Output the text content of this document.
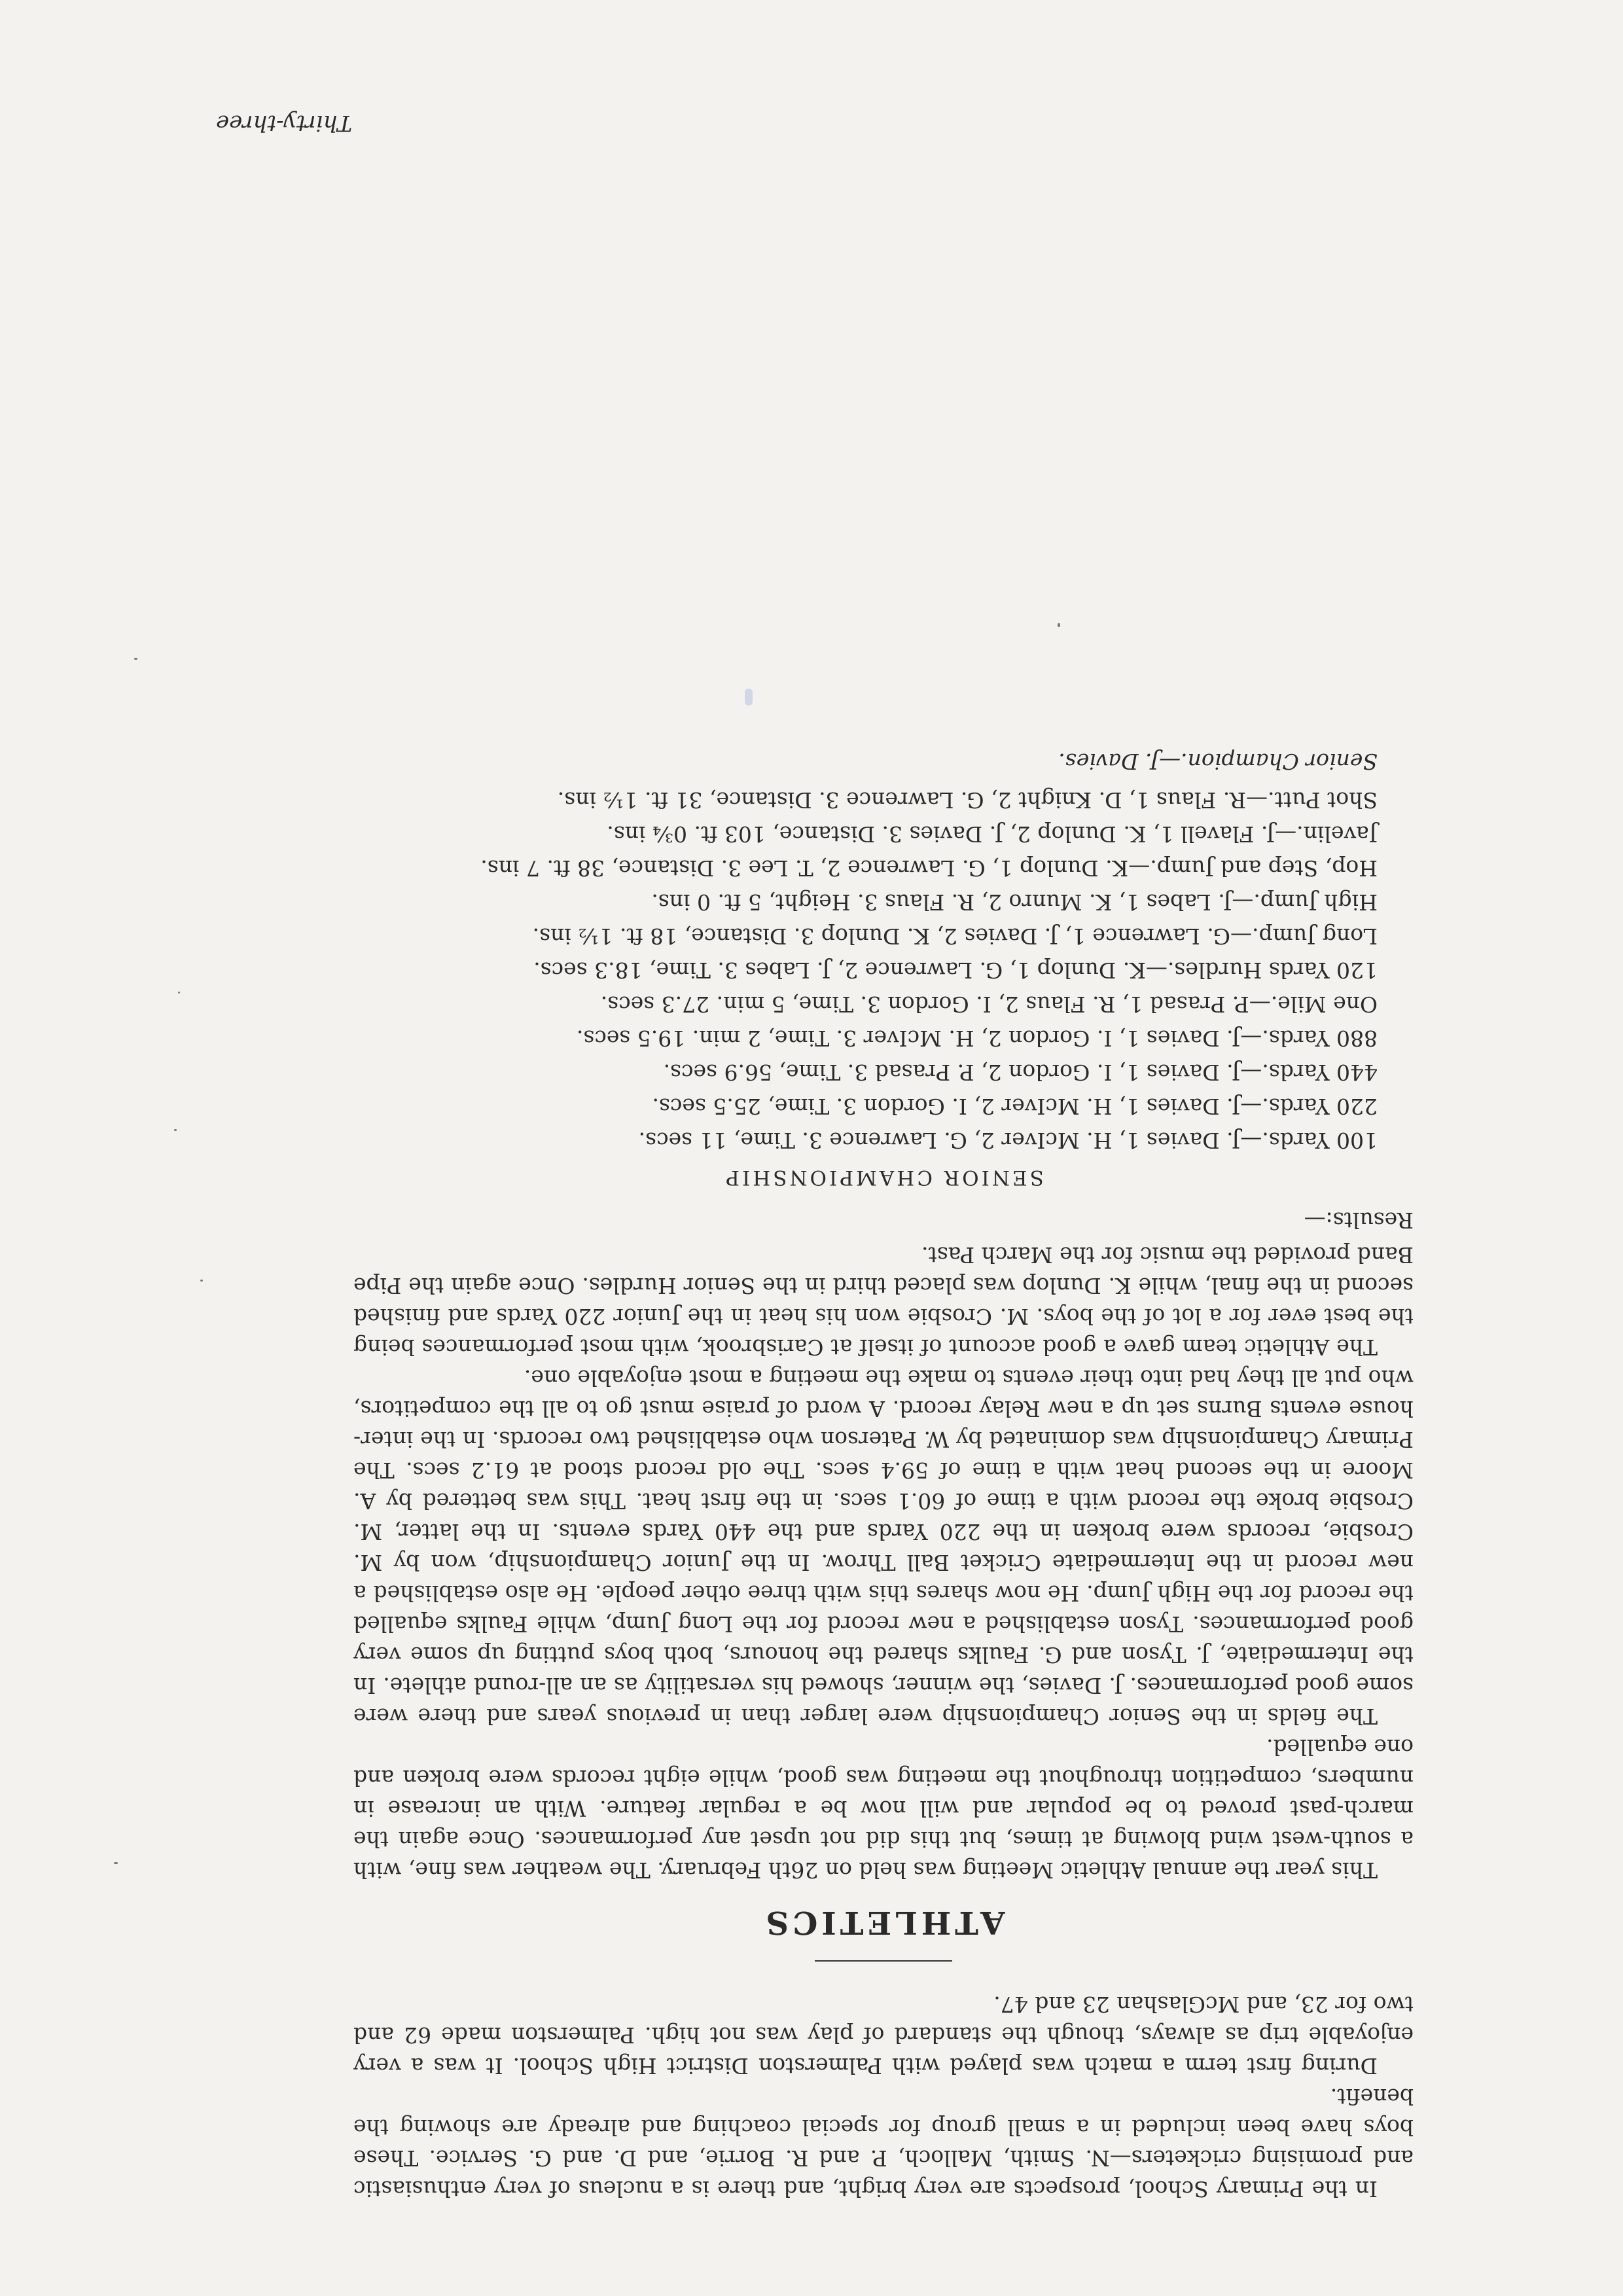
In the Primary School, prospects are very bright, and there is a nucleus of very enthusiastic and promising cricketers—N. Smith, Malloch, P. and R. Borrie, and D. and G. Service. These boys have been included in a small group for special coaching and already are showing the benefit.

During first term a match was played with Palmerston District High School. It was a very enjoyable trip as always, though the standard of play was not high. Palmerston made 62 and two for 23, and McGlashan 23 and 47.

ATHLETICS

This year the annual Athletic Meeting was held on 26th February. The weather was fine, with a south-west wind blowing at times, but this did not upset any performances. Once again the march-past proved to be popular and will now be a regular feature. With an increase in numbers, competition throughout the meeting was good, while eight records were broken and one equalled.

The fields in the Senior Championship were larger than in previous years and there were some good performances. J. Davies, the winner, showed his versatility as an all-round athlete. In the Intermediate, J. Tyson and G. Faulks shared the honours, both boys putting up some very good performances. Tyson established a new record for the Long Jump, while Faulks equalled the record for the High Jump. He now shares this with three other people. He also established a new record in the Intermediate Cricket Ball Throw. In the Junior Championship, won by M. Crosbie, records were broken in the 220 Yards and the 440 Yards events. In the latter, M. Crosbie broke the record with a time of 60.1 secs. in the first heat. This was bettered by A. Moore in the second heat with a time of 59.4 secs. The old record stood at 61.2 secs. The Primary Championship was dominated by W. Paterson who established two records. In the inter-house events Burns set up a new Relay record. A word of praise must go to all the competitors, who put all they had into their events to make the meeting a most enjoyable one.

The Athletic team gave a good account of itself at Carisbrook, with most performances being the best ever for a lot of the boys. M. Crosbie won his heat in the Junior 220 Yards and finished second in the final, while K. Dunlop was placed third in the Senior Hurdles. Once again the Pipe Band provided the music for the March Past.

Results:—
SENIOR CHAMPIONSHIP
100 Yards.—J. Davies 1, H. McIver 2, G. Lawrence 3. Time, 11 secs.
220 Yards.—J. Davies 1, H. McIver 2, I. Gordon 3. Time, 25.5 secs.
440 Yards.—J. Davies 1, I. Gordon 2, P. Prasad 3. Time, 56.9 secs.
880 Yards.—J. Davies 1, I. Gordon 2, H. McIver 3. Time, 2 min. 19.5 secs.
One Mile.—P. Prasad 1, R. Flaus 2, I. Gordon 3. Time, 5 min. 27.3 secs.
120 Yards Hurdles.—K. Dunlop 1, G. Lawrence 2, J. Labes 3. Time, 18.3 secs.
Long Jump.—G. Lawrence 1, J. Davies 2, K. Dunlop 3. Distance, 18 ft. 1½ ins.
High Jump.—J. Labes 1, K. Munro 2, R. Flaus 3. Height, 5 ft. 0 ins.
Hop, Step and Jump.—K. Dunlop 1, G. Lawrence 2, T. Lee 3. Distance, 38 ft. 7 ins.
Javelin.—J. Flavell 1, K. Dunlop 2, J. Davies 3. Distance, 103 ft. 0¾ ins.
Shot Putt.—R. Flaus 1, D. Knight 2, G. Lawrence 3. Distance, 31 ft. 1½ ins.
Senior Champion.—J. Davies.
Thirty-three
